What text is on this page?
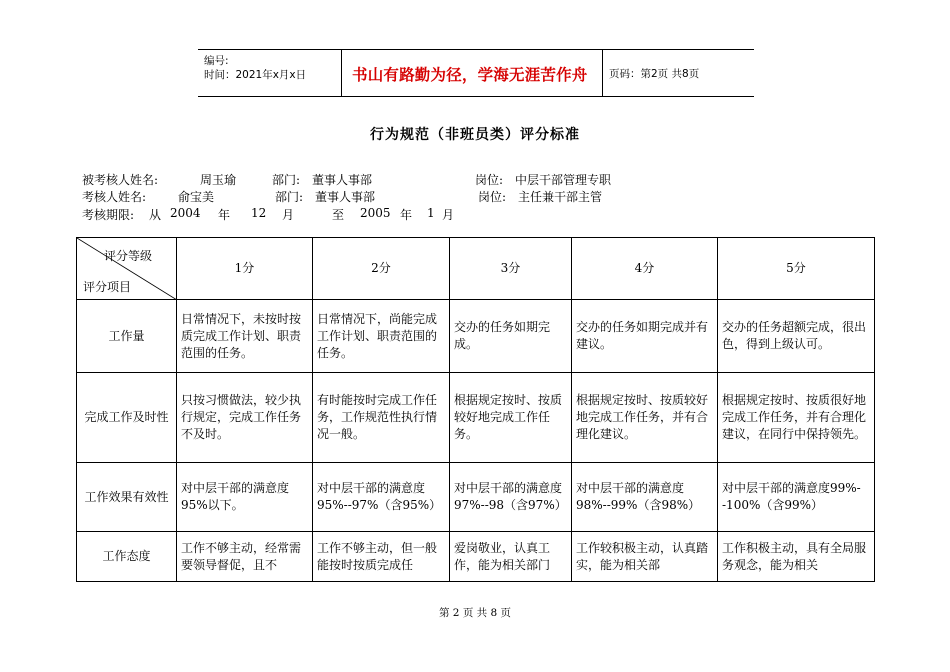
编号:
时间：2021年x月x日	书山有路勤为径，学海无涯苦作舟 页码：第2页 共8页
行为规范（非班员类）评分标准
被考核人姓名:	周玉瑜	部门: 董事人事部	岗位: 中层干部管理专职
考核人姓名:	俞宝美	部门: 董事人事部	岗位: 主任兼干部主管
考核期限: 从 2004 年 12 月	至 2005 年 1 月
评分等级
评分项目	1分	2分	3分	4分	5分
工作量	日常情况下，未按时按质完成工作计划、职责范围的任务。	日常情况下，尚能完成工作计划、职责范围的任务。	交办的任务如期完成。	交办的任务如期完成并有建议。	交办的任务超额完成，很出色，得到上级认可。
完成工作及时性	只按习惯做法，较少执行规定，完成工作任务不及时。	有时能按时完成工作任务，工作规范性执行情况一般。	根据规定按时、按质较好地完成工作任务。	根据规定按时、按质较好地完成工作任务，并有合理化建议。	根据规定按时、按质很好地完成工作任务，并有合理化建议，在同行中保持领先。
工作效果有效性	对中层干部的满意度95%以下。	对中层干部的满意度95%--97%（含95%）	对中层干部的满意度 97%--98（含97%）	对中层干部的满意度98%--99%（含98%）	对中层干部的满意度99%--100%（含99%）
工作态度	工作不够主动，经常需要领导督促，且不	工作不够主动，但一般能按时按质完成任	爱岗敬业，认真工作，能为相关部门	工作较积极主动，认真踏实，能为相关部	工作积极主动，具有全局服务观念，能为相关
第 2 页 共 8 页
